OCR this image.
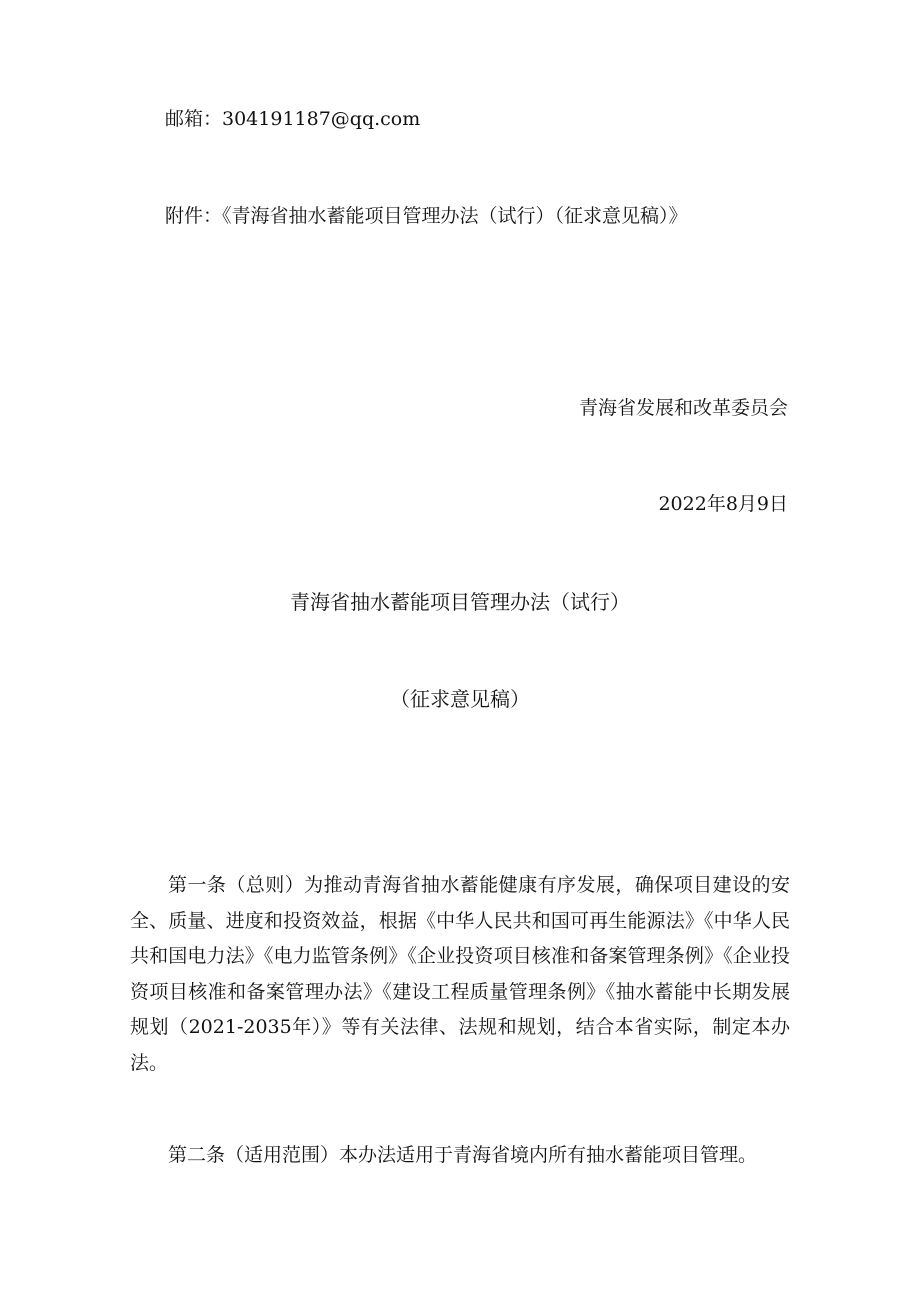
邮箱：304191187@qq.com
附件：《青海省抽水蓄能项目管理办法（试行）（征求意见稿）》
青海省发展和改革委员会
2022年8月9日
青海省抽水蓄能项目管理办法（试行）
（征求意见稿）

第一条（总则）为推动青海省抽水蓄能健康有序发展，确保项目建设的安全、质量、进度和投资效益，根据《中华人民共和国可再生能源法》《中华人民共和国电力法》《电力监管条例》《企业投资项目核准和备案管理条例》《企业投资项目核准和备案管理办法》《建设工程质量管理条例》《抽水蓄能中长期发展规划（2021-2035年）》等有关法律、法规和规划，结合本省实际，制定本办法。

第二条（适用范围）本办法适用于青海省境内所有抽水蓄能项目管理。
